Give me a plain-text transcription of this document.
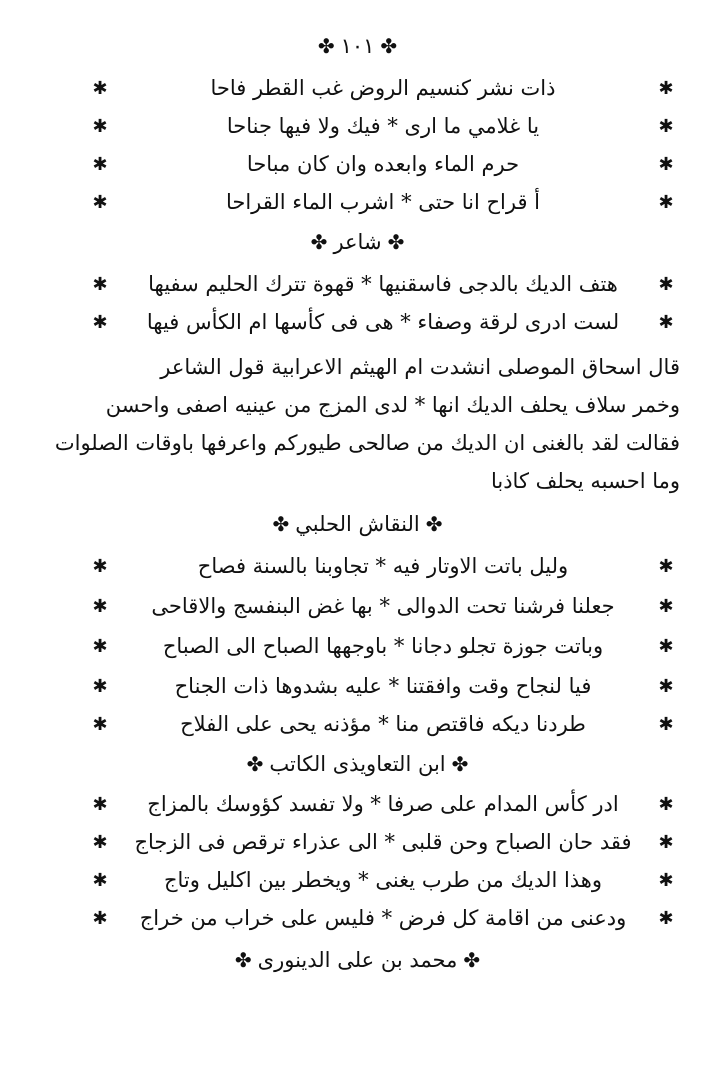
✤
١٠١
✤
✱
ذات نشر كنسيم الروض غب القطر فاحا
✱
✱
يا غلامي ما ارى * فيك ولا فيها جناحا
✱
✱
حرم الماء وابعده وان كان مباحا
✱
✱
أ قراح انا حتى * اشرب الماء القراحا
✱
✤
شاعر
✤
✱
هتف الديك بالدجى فاسقنيها * قهوة تترك الحليم سفيها
✱
✱
لست ادرى لرقة وصفاء * هى فى كأسها ام الكأس فيها
✱
قال اسحاق الموصلى انشدت ام الهيثم الاعرابية قول الشاعر
وخمر سلاف يحلف الديك انها * لدى المزج من عينيه اصفى واحسن
فقالت لقد بالغنى ان الديك من صالحى طيوركم واعرفها باوقات الصلوات
وما احسبه يحلف كاذبا
✤
النقاش الحلبي
✤
✱
وليل باتت الاوتار فيه * تجاوبنا بالسنة فصاح
✱
✱
جعلنا فرشنا تحت الدوالى * بها غض البنفسج والاقاحى
✱
✱
وباتت جوزة تجلو دجانا * باوجهها الصباح الى الصباح
✱
✱
فيا لنجاح وقت وافقتنا * عليه بشدوها ذات الجناح
✱
✱
طردنا ديكه فاقتص منا * مؤذنه يحى على الفلاح
✱
✤
ابن التعاويذى الكاتب
✤
✱
ادر كأس المدام على صرفا * ولا تفسد كؤوسك بالمزاج
✱
✱
فقد حان الصباح وحن قلبى * الى عذراء ترقص فى الزجاج
✱
✱
وهذا الديك من طرب يغنى * ويخطر بين اكليل وتاج
✱
✱
ودعنى من اقامة كل فرض * فليس على خراب من خراج
✱
✤
محمد بن على الدينورى
✤
